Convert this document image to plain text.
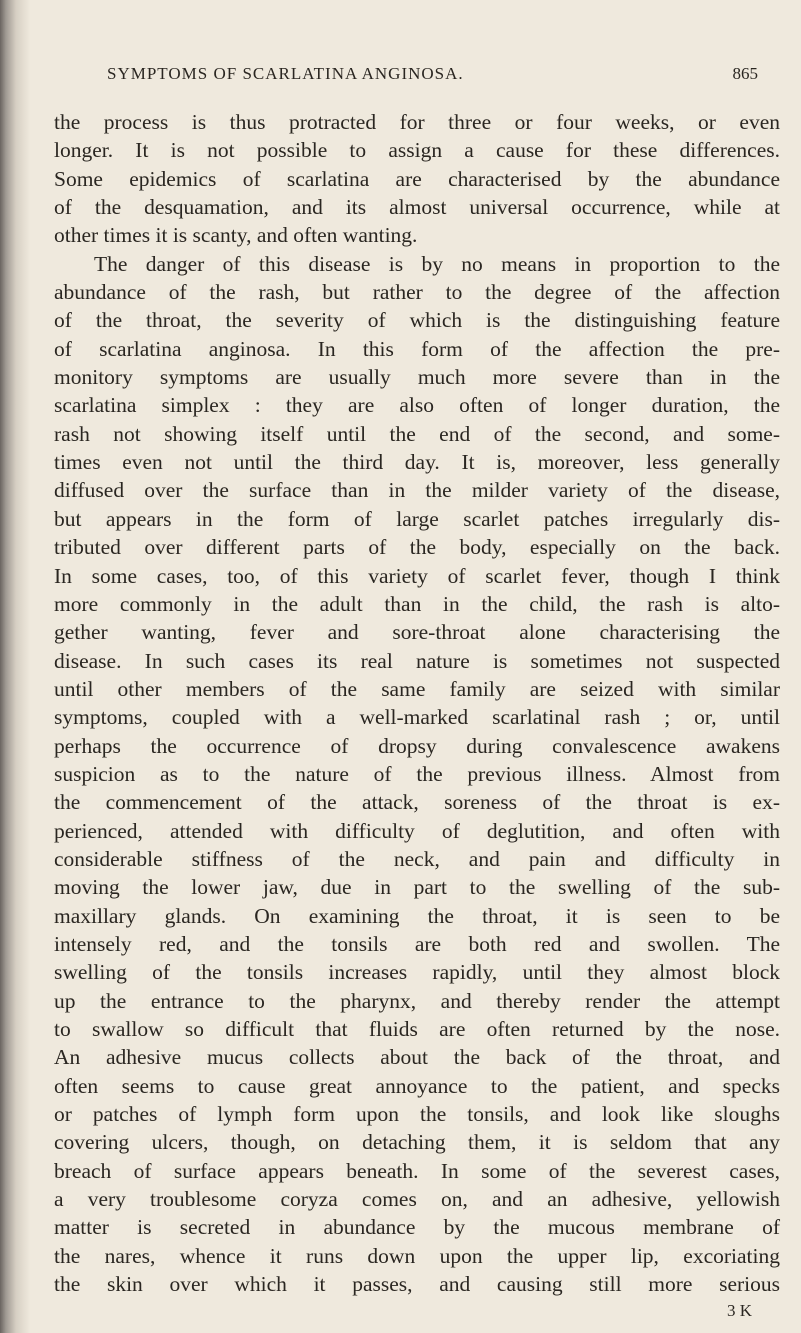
SYMPTOMS OF SCARLATINA ANGINOSA.	865
the process is thus protracted for three or four weeks, or even
longer. It is not possible to assign a cause for these differences.
Some epidemics of scarlatina are characterised by the abundance
of the desquamation, and its almost universal occurrence, while at
other times it is scanty, and often wanting.
The danger of this disease is by no means in proportion to the
abundance of the rash, but rather to the degree of the affection
of the throat, the severity of which is the distinguishing feature
of scarlatina anginosa. In this form of the affection the pre-
monitory symptoms are usually much more severe than in the
scarlatina simplex : they are also often of longer duration, the
rash not showing itself until the end of the second, and some-
times even not until the third day. It is, moreover, less generally
diffused over the surface than in the milder variety of the disease,
but appears in the form of large scarlet patches irregularly dis-
tributed over different parts of the body, especially on the back.
In some cases, too, of this variety of scarlet fever, though I think
more commonly in the adult than in the child, the rash is alto-
gether wanting, fever and sore-throat alone characterising the
disease. In such cases its real nature is sometimes not suspected
until other members of the same family are seized with similar
symptoms, coupled with a well-marked scarlatinal rash ; or, until
perhaps the occurrence of dropsy during convalescence awakens
suspicion as to the nature of the previous illness. Almost from
the commencement of the attack, soreness of the throat is ex-
perienced, attended with difficulty of deglutition, and often with
considerable stiffness of the neck, and pain and difficulty in
moving the lower jaw, due in part to the swelling of the sub-
maxillary glands. On examining the throat, it is seen to be
intensely red, and the tonsils are both red and swollen. The
swelling of the tonsils increases rapidly, until they almost block
up the entrance to the pharynx, and thereby render the attempt
to swallow so difficult that fluids are often returned by the nose.
An adhesive mucus collects about the back of the throat, and
often seems to cause great annoyance to the patient, and specks
or patches of lymph form upon the tonsils, and look like sloughs
covering ulcers, though, on detaching them, it is seldom that any
breach of surface appears beneath. In some of the severest cases,
a very troublesome coryza comes on, and an adhesive, yellowish
matter is secreted in abundance by the mucous membrane of
the nares, whence it runs down upon the upper lip, excoriating
the skin over which it passes, and causing still more serious
3 K
